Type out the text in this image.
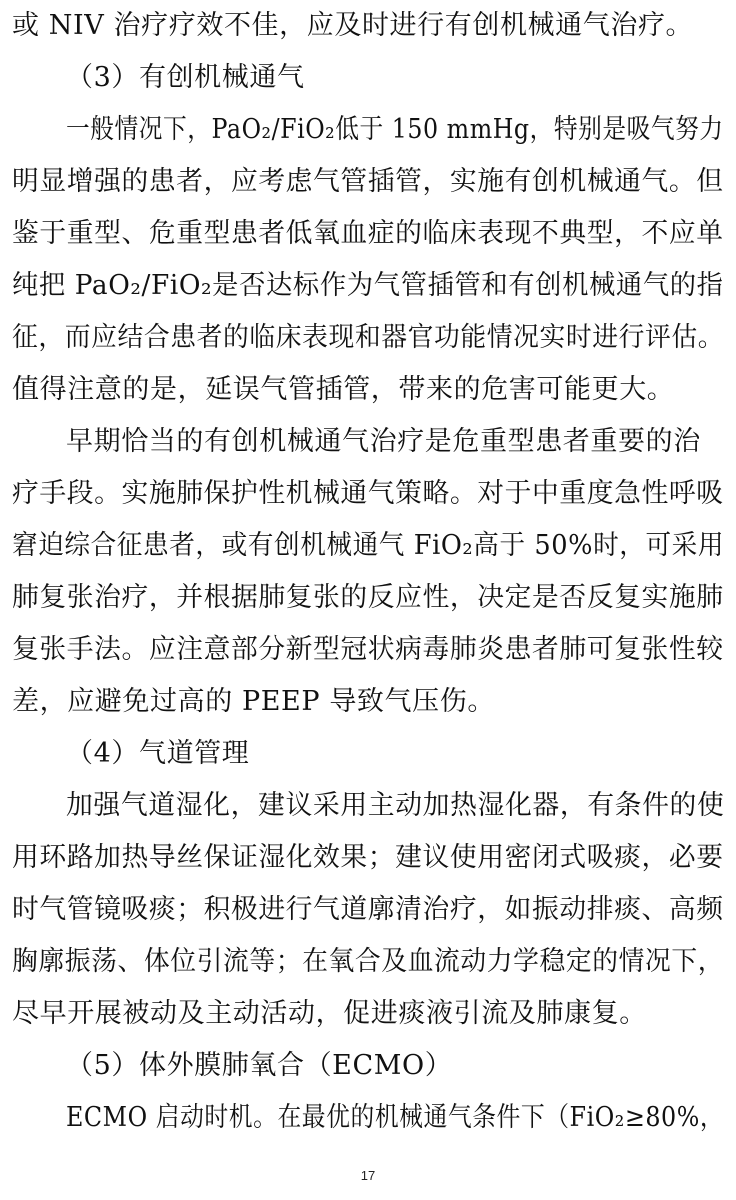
或 NIV 治疗疗效不佳，应及时进行有创机械通气治疗。
（3）有创机械通气
一般情况下，PaO₂/FiO₂低于 150 mmHg，特别是吸气努力
明显增强的患者，应考虑气管插管，实施有创机械通气。但
鉴于重型、危重型患者低氧血症的临床表现不典型，不应单
纯把 PaO₂/FiO₂是否达标作为气管插管和有创机械通气的指
征，而应结合患者的临床表现和器官功能情况实时进行评估。
值得注意的是，延误气管插管，带来的危害可能更大。
早期恰当的有创机械通气治疗是危重型患者重要的治
疗手段。实施肺保护性机械通气策略。对于中重度急性呼吸
窘迫综合征患者，或有创机械通气 FiO₂高于 50%时，可采用
肺复张治疗，并根据肺复张的反应性，决定是否反复实施肺
复张手法。应注意部分新型冠状病毒肺炎患者肺可复张性较
差，应避免过高的 PEEP 导致气压伤。
（4）气道管理
加强气道湿化，建议采用主动加热湿化器，有条件的使
用环路加热导丝保证湿化效果；建议使用密闭式吸痰，必要
时气管镜吸痰；积极进行气道廓清治疗，如振动排痰、高频
胸廓振荡、体位引流等；在氧合及血流动力学稳定的情况下，
尽早开展被动及主动活动，促进痰液引流及肺康复。
（5）体外膜肺氧合（ECMO）
ECMO 启动时机。在最优的机械通气条件下（FiO₂≥80%，
17
